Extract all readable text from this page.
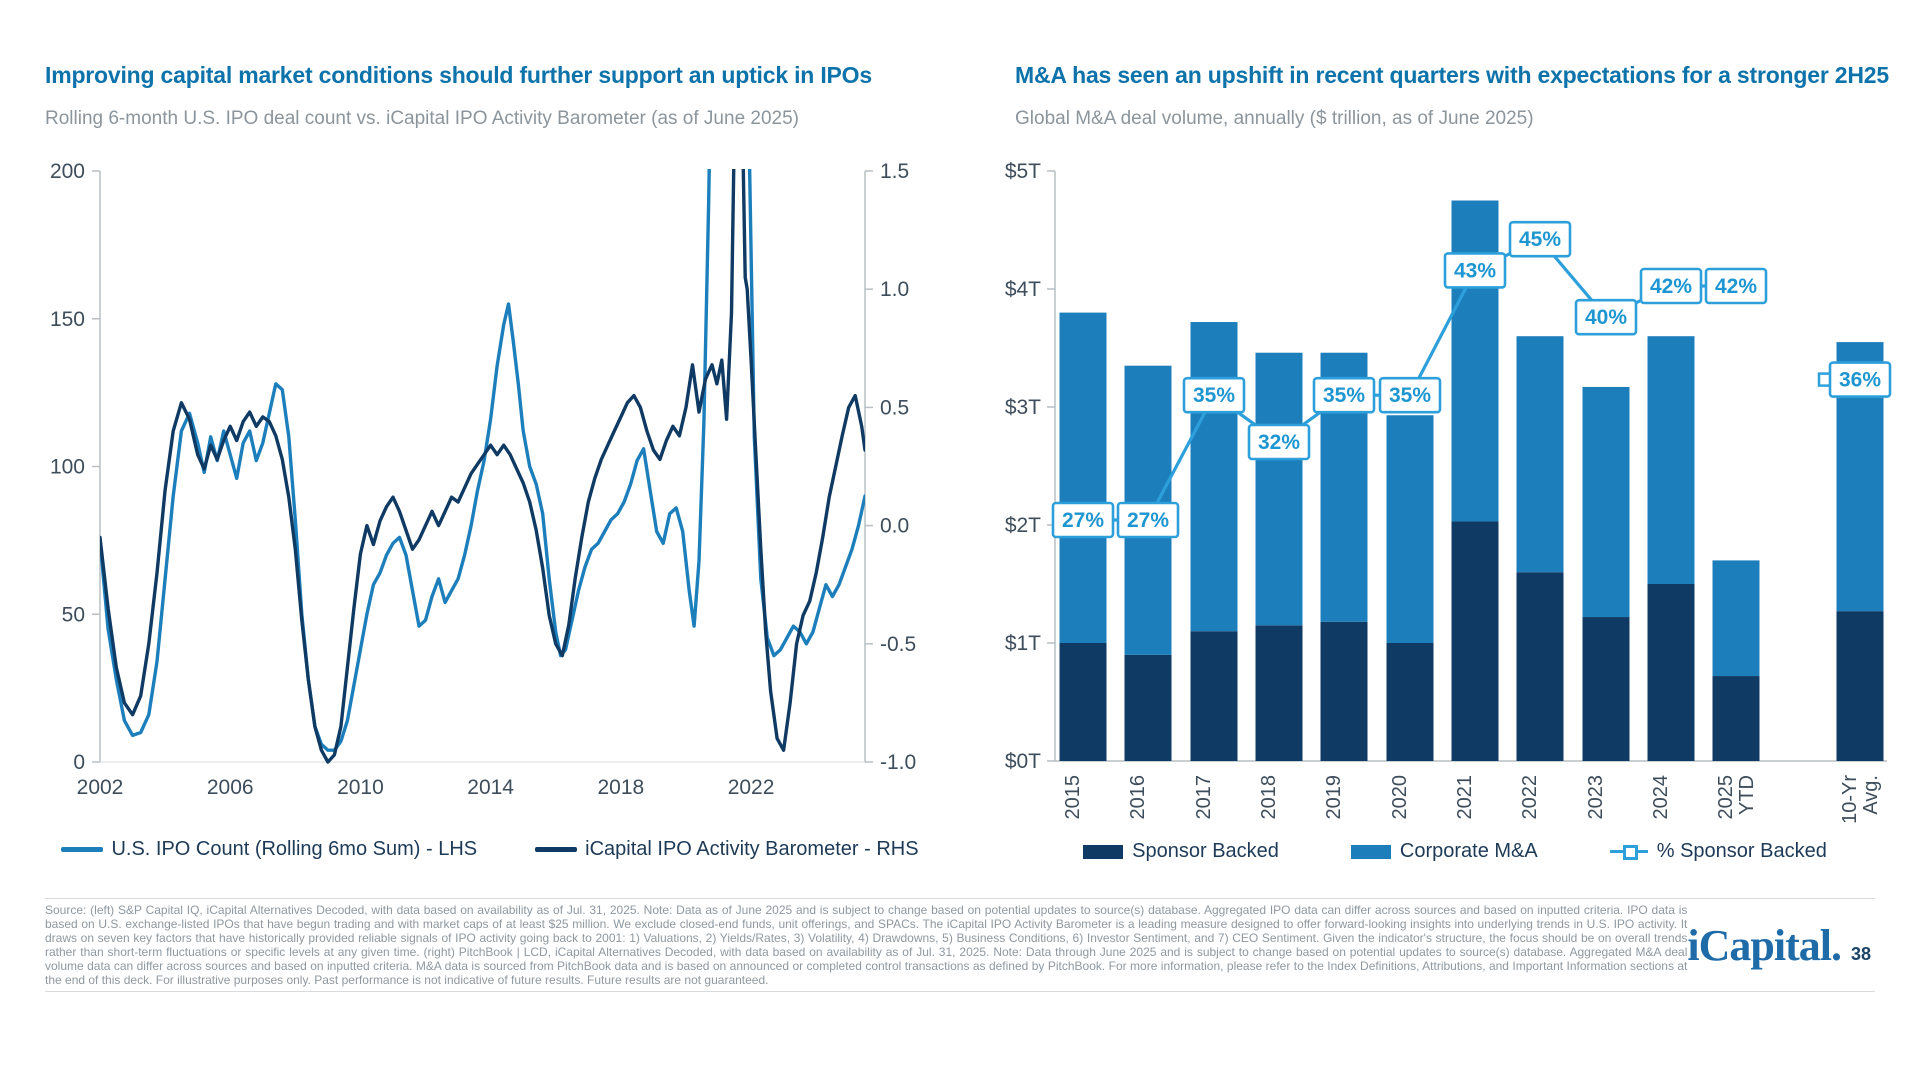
Improving capital market conditions should further support an uptick in IPOs

Rolling 6-month U.S. IPO deal count vs. iCapital IPO Activity Barometer (as of June 2025)

0
50
100
150
200
-1.0
-0.5
0.0
0.5
1.0
1.5
2002	2006	2010	2014	2018	2022
U.S. IPO Count (Rolling 6mo Sum) - LHS	iCapital IPO Activity Barometer - RHS
M&A has seen an upshift in recent quarters with expectations for a stronger 2H25

Global M&A deal volume, annually ($ trillion, as of June 2025)

$0T
$1T
$2T
$3T
$4T
$5T
2015 2016 2017 2018 2019 2020 2021 2022 2023 2024 2025 YTD	10-Yr Avg.
27% 27%
35%
32%
35% 35%
43%
45%
40%
42% 42%
36%
Sponsor Backed	Corporate M&A	% Sponsor Backed
Source: (left) S&P Capital IQ, iCapital Alternatives Decoded, with data based on availability as of Jul. 31, 2025. Note: Data as of June 2025 and is subject to change based on potential updates to source(s) database. Aggregated IPO data can differ across sources and based on inputted criteria. IPO data is based on U.S. exchange-listed IPOs that have begun trading and with market caps of at least $25 million. We exclude closed-end funds, unit offerings, and SPACs. The iCapital IPO Activity Barometer is a leading measure designed to offer forward-looking insights into underlying trends in U.S. IPO activity. It draws on seven key factors that have historically provided reliable signals of IPO activity going back to 2001: 1) Valuations, 2) Yields/Rates, 3) Volatility, 4) Drawdowns, 5) Business Conditions, 6) Investor Sentiment, and 7) CEO Sentiment. Given the indicator's structure, the focus should be on overall trends rather than short-term fluctuations or specific levels at any given time. (right) PitchBook | LCD, iCapital Alternatives Decoded, with data based on availability as of Jul. 31, 2025. Note: Data through June 2025 and is subject to change based on potential updates to source(s) database. Aggregated M&A deal volume data can differ across sources and based on inputted criteria. M&A data is sourced from PitchBook data and is based on announced or completed control transactions as defined by PitchBook. For more information, please refer to the Index Definitions, Attributions, and Important Information sections at the end of this deck. For illustrative purposes only. Past performance is not indicative of future results. Future results are not guaranteed.
iCapital. 38
